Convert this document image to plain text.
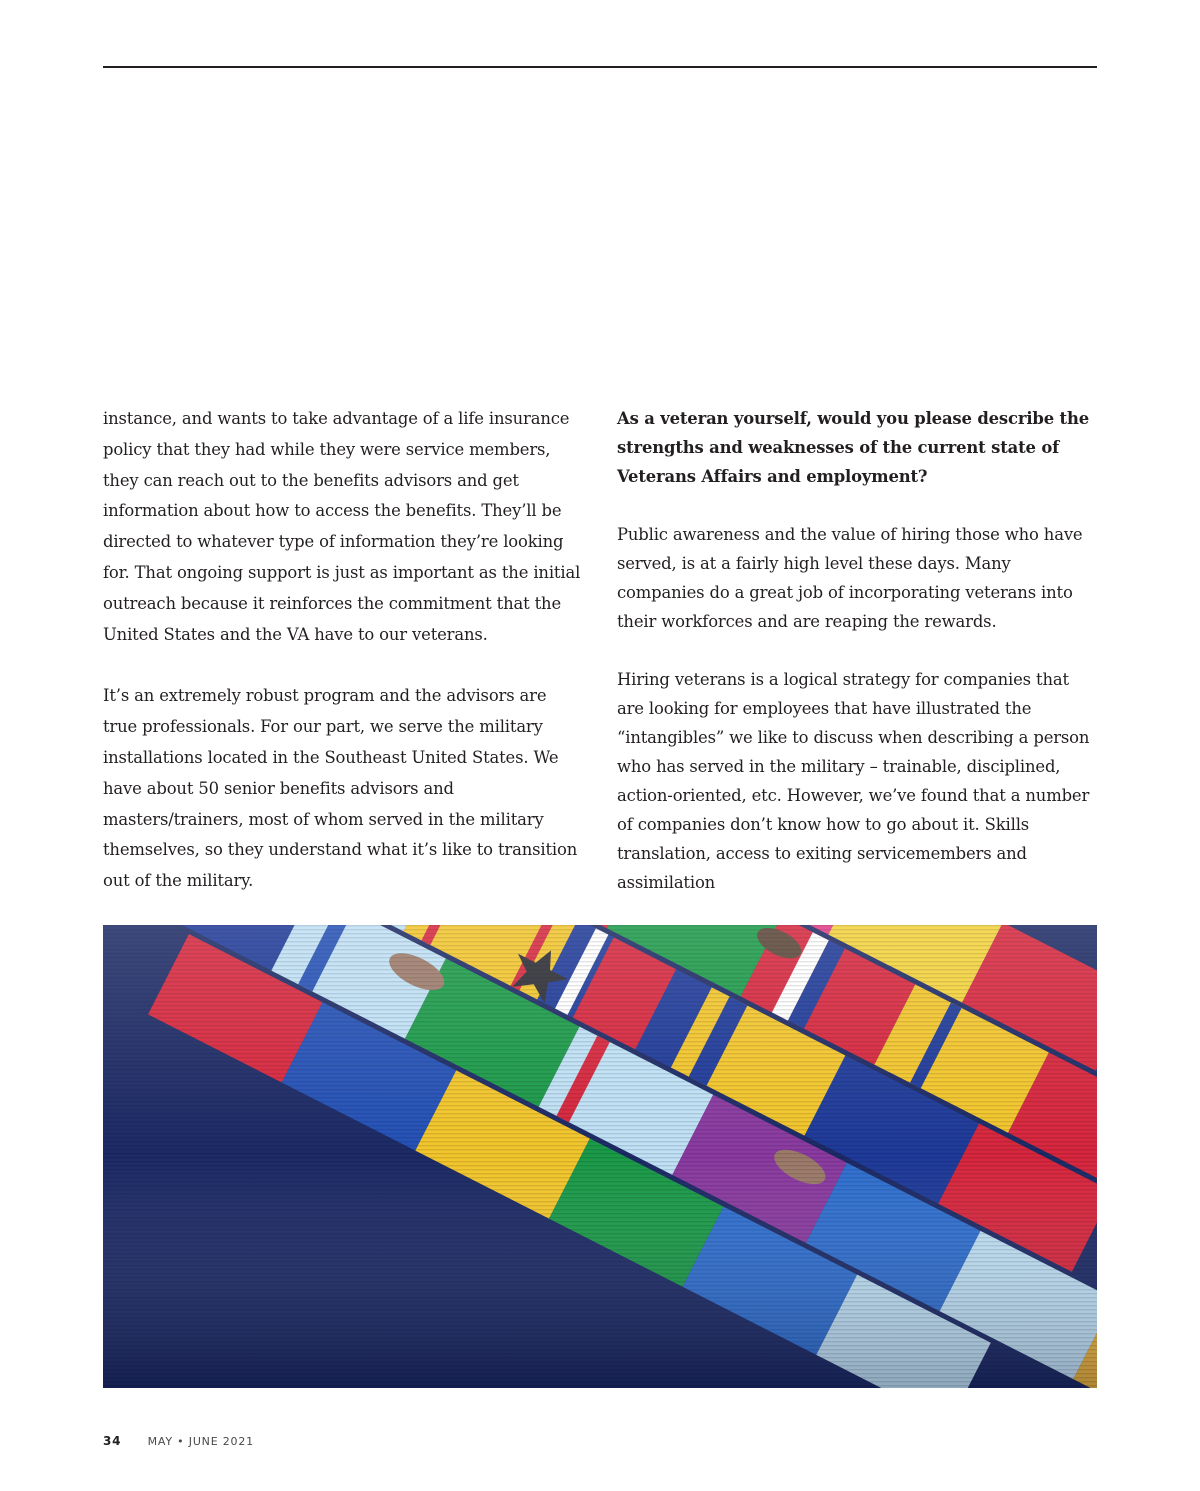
instance, and wants to take advantage of a life insurance policy that they had while they were service members, they can reach out to the benefits advisors and get information about how to access the benefits. They’ll be directed to whatever type of information they’re looking for. That ongoing support is just as important as the initial outreach because it reinforces the commitment that the United States and the VA have to our veterans.

It’s an extremely robust program and the advisors are true professionals. For our part, we serve the military installations located in the Southeast United States. We have about 50 senior benefits advisors and masters/trainers, most of whom served in the military themselves, so they understand what it’s like to transition out of the military.

As a veteran yourself, would you please describe the strengths and weaknesses of the current state of Veterans Affairs and employment?

Public awareness and the value of hiring those who have served, is at a fairly high level these days. Many companies do a great job of incorporating veterans into their workforces and are reaping the rewards.

Hiring veterans is a logical strategy for companies that are looking for employees that have illustrated the “intangibles” we like to discuss when describing a person who has served in the military – trainable, disciplined, action-oriented, etc. However, we’ve found that a number of companies don’t know how to go about it. Skills translation, access to exiting servicemembers and assimilation

34 MAY • JUNE 2021
